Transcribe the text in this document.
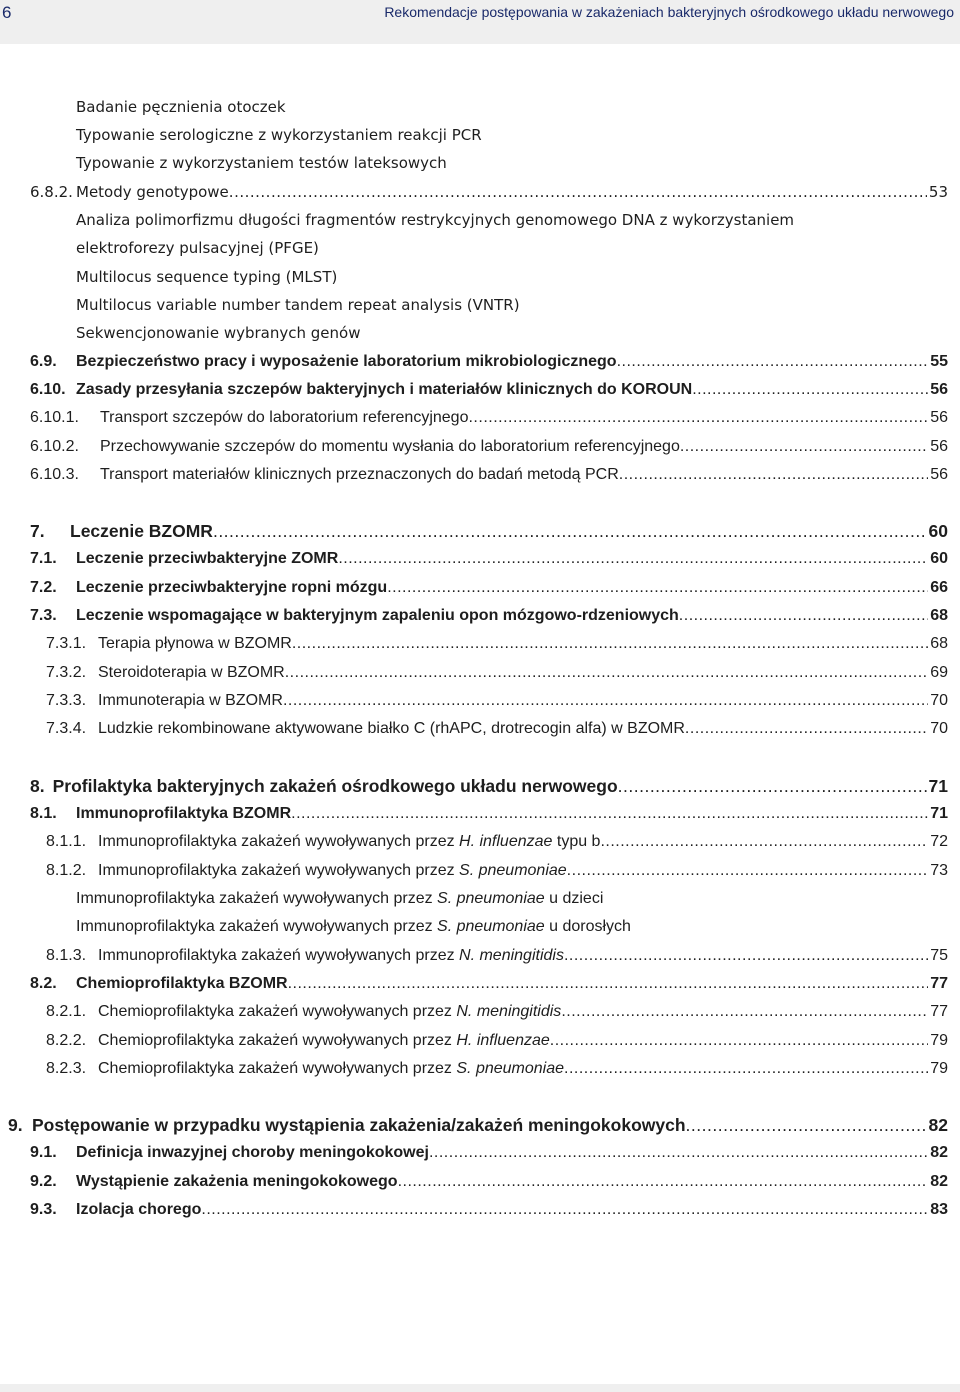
6	Rekomendacje postępowania w zakażeniach bakteryjnych ośrodkowego układu nerwowego
Badanie pęcznienia otoczek
Typowanie serologiczne z wykorzystaniem reakcji PCR
Typowanie z wykorzystaniem testów lateksowych
6.8.2. Metody genotypowe .....	53
Analiza polimorfizmu długości fragmentów restrykcyjnych genomowego DNA z wykorzystaniem
elektroforezy pulsacyjnej (PFGE)
Multilocus sequence typing (MLST)
Multilocus variable number tandem repeat analysis (VNTR)
Sekwencjonowanie wybranych genów
6.9.	Bezpieczeństwo pracy i wyposażenie laboratorium mikrobiologicznego .....	55
6.10. Zasady przesyłania szczepów bakteryjnych i materiałów klinicznych do KOROUN .....	56
6.10.1.	Transport szczepów do laboratorium referencyjnego .....	56
6.10.2.	Przechowywanie szczepów do momentu wysłania do laboratorium referencyjnego .....	56
6.10.3.	Transport materiałów klinicznych przeznaczonych do badań metodą PCR .....	56
7.	Leczenie BZOMR .....	60
7.1.	Leczenie przeciwbakteryjne ZOMR .....	60
7.2.	Leczenie przeciwbakteryjne ropni mózgu .....	66
7.3.	Leczenie wspomagające w bakteryjnym zapaleniu opon mózgowo-rdzeniowych .....	68
7.3.1. Terapia płynowa w BZOMR .....	68
7.3.2. Steroidoterapia w BZOMR .....	69
7.3.3. Immunoterapia w BZOMR .....	70
7.3.4. Ludzkie rekombinowane aktywowane białko C (rhAPC, drotrecogin alfa) w BZOMR .....	70
8. Profilaktyka bakteryjnych zakażeń ośrodkowego układu nerwowego .....	71
8.1.	Immunoprofilaktyka BZOMR .....	71
8.1.1. Immunoprofilaktyka zakażeń wywoływanych przez H. influenzae typu b .....	72
8.1.2. Immunoprofilaktyka zakażeń wywoływanych przez S. pneumoniae .....	73
Immunoprofilaktyka zakażeń wywoływanych przez S. pneumoniae u dzieci
Immunoprofilaktyka zakażeń wywoływanych przez S. pneumoniae u dorosłych
8.1.3. Immunoprofilaktyka zakażeń wywoływanych przez N. meningitidis .....	75
8.2.	Chemioprofilaktyka BZOMR .....	77
8.2.1. Chemioprofilaktyka zakażeń wywoływanych przez N. meningitidis .....	77
8.2.2. Chemioprofilaktyka zakażeń wywoływanych przez H. influenzae .....	79
8.2.3. Chemioprofilaktyka zakażeń wywoływanych przez S. pneumoniae .....	79
9. Postępowanie w przypadku wystąpienia zakażenia/zakażeń meningokokowych .....	82
9.1.	Definicja inwazyjnej choroby meningokokowej .....	82
9.2.	Wystąpienie zakażenia meningokokowego .....	82
9.3.	Izolacja chorego .....	83
